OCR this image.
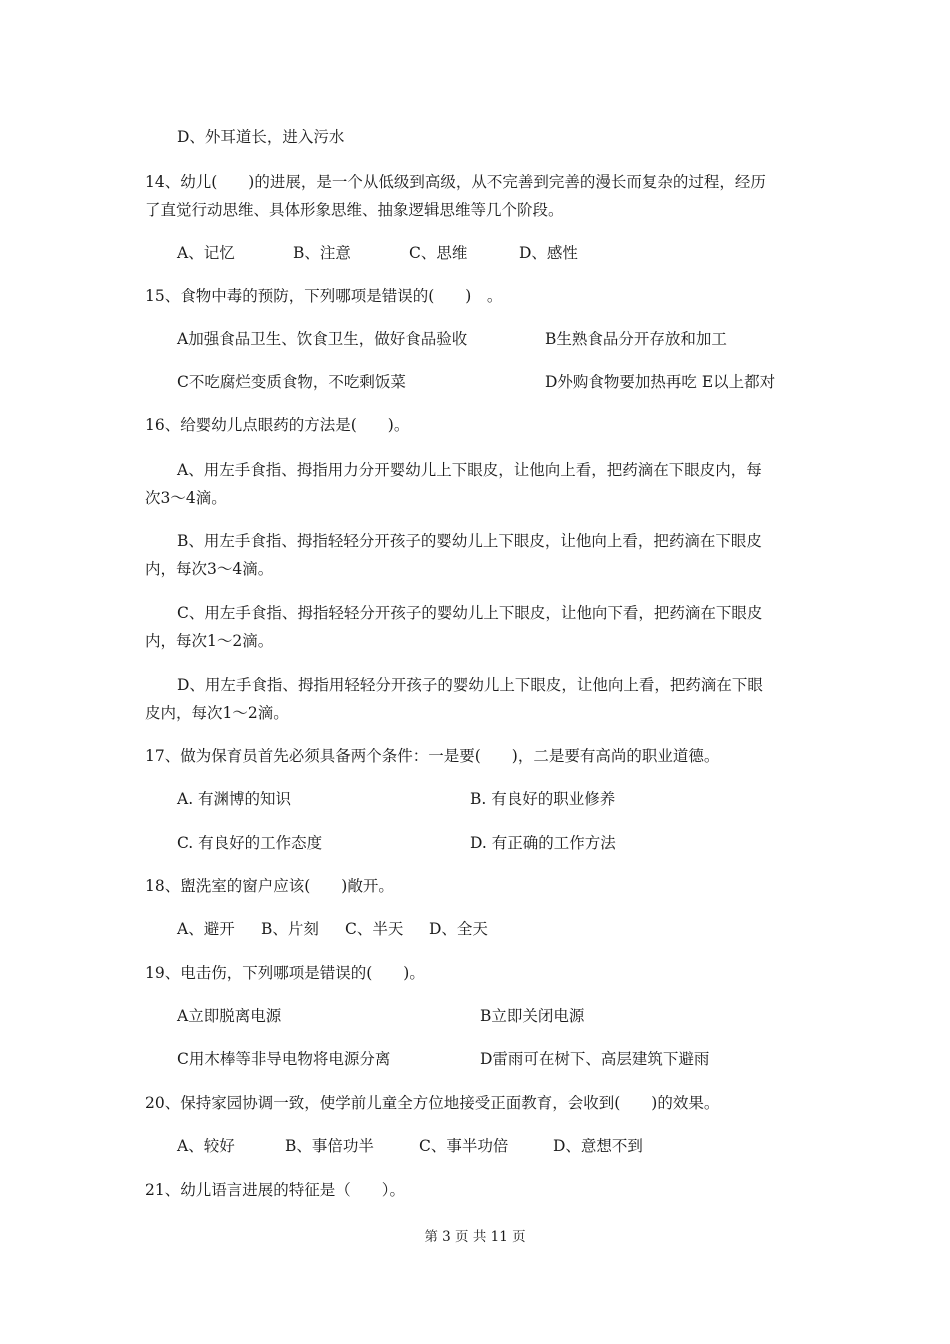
D、外耳道长，进入污水
14、幼儿(　　)的进展，是一个从低级到高级，从不完善到完善的漫长而复杂的过程，经历
了直觉行动思维、具体形象思维、抽象逻辑思维等几个阶段。
A、记忆	B、注意	C、思维	D、感性
15、食物中毒的预防，下列哪项是错误的(　　)　。
A加强食品卫生、饮食卫生，做好食品验收	B生熟食品分开存放和加工
C不吃腐烂变质食物，不吃剩饭菜	D外购食物要加热再吃 E以上都对
16、给婴幼儿点眼药的方法是(　　)。
A、用左手食指、拇指用力分开婴幼儿上下眼皮，让他向上看，把药滴在下眼皮内，每
次3～4滴。
B、用左手食指、拇指轻轻分开孩子的婴幼儿上下眼皮，让他向上看，把药滴在下眼皮
内，每次3～4滴。
C、用左手食指、拇指轻轻分开孩子的婴幼儿上下眼皮，让他向下看，把药滴在下眼皮
内，每次1～2滴。
D、用左手食指、拇指用轻轻分开孩子的婴幼儿上下眼皮，让他向上看，把药滴在下眼
皮内，每次1～2滴。
17、做为保育员首先必须具备两个条件：一是要(　　)，二是要有高尚的职业道德。
A. 有渊博的知识	B. 有良好的职业修养
C. 有良好的工作态度	D. 有正确的工作方法
18、盥洗室的窗户应该(　　)敞开。
A、避开 B、片刻 C、半天 D、全天
19、电击伤，下列哪项是错误的(　　)。
A立即脱离电源	B立即关闭电源
C用木棒等非导电物将电源分离	D雷雨可在树下、高层建筑下避雨
20、保持家园协调一致，使学前儿童全方位地接受正面教育，会收到(　　)的效果。
A、较好	B、事倍功半	C、事半功倍	D、意想不到
21、幼儿语言进展的特征是（　　）。
第 3 页 共 11 页
